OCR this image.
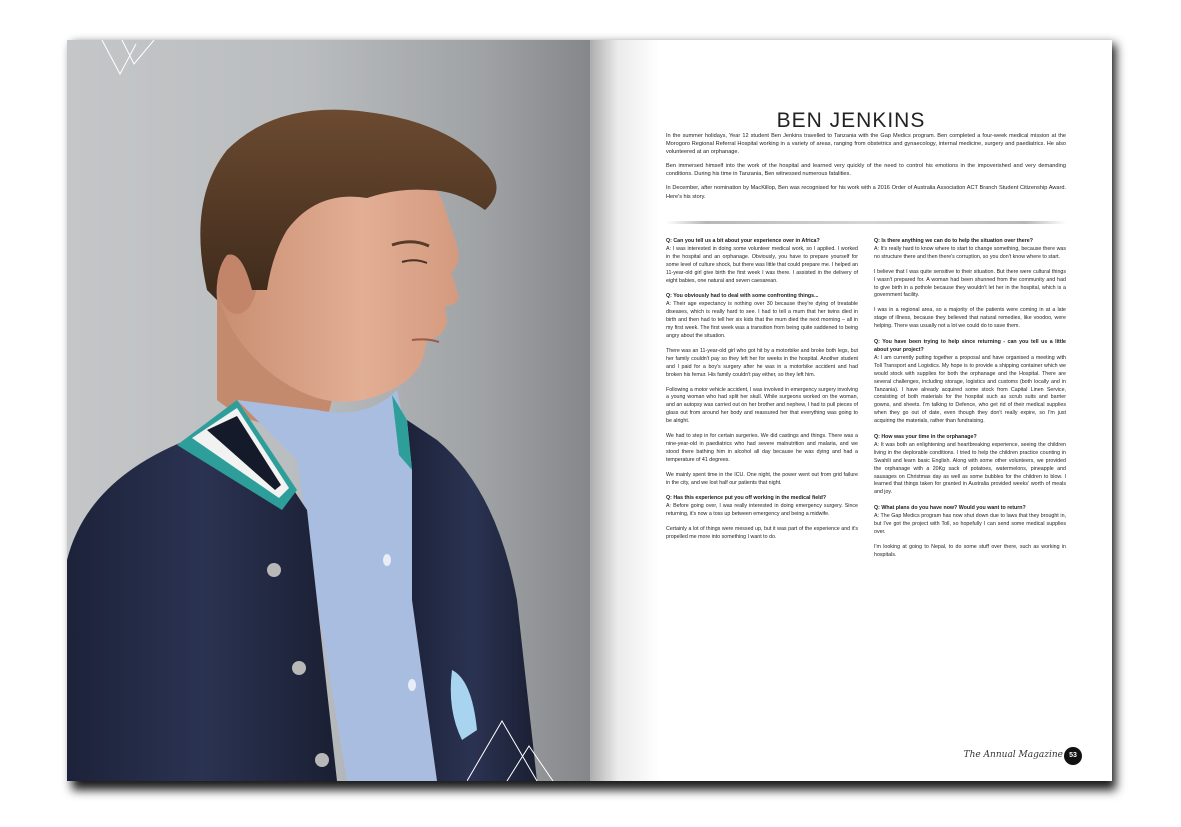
BEN JENKINS

In the summer holidays, Year 12 student Ben Jenkins travelled to Tanzania with the Gap Medics program. Ben completed a four-week medical mission at the Morogoro Regional Referral Hospital working in a variety of areas, ranging from obstetrics and gynaecology, internal medicine, surgery and paediatrics. He also volunteered at an orphanage.

Ben immersed himself into the work of the hospital and learned very quickly of the need to control his emotions in the impoverished and very demanding conditions. During his time in Tanzania, Ben witnessed numerous fatalities.

In December, after nomination by MacKillop, Ben was recognised for his work with a 2016 Order of Australia Association ACT Branch Student Citizenship Award. Here's his story.

Q: Can you tell us a bit about your experience over in Africa?
A: I was interested in doing some volunteer medical work, so I applied. I worked in the hospital and an orphanage. Obviously, you have to prepare yourself for some level of culture shock, but there was little that could prepare me. I helped an 11-year-old girl give birth the first week I was there. I assisted in the delivery of eight babies, one natural and seven caesarean.

Q: You obviously had to deal with some confronting things...
A: Their age expectancy is nothing over 30 because they're dying of treatable diseases, which is really hard to see. I had to tell a mum that her twins died in birth and then had to tell her six kids that the mum died the next morning – all in my first week. The first week was a transition from being quite saddened to being angry about the situation.

There was an 11-year-old girl who got hit by a motorbike and broke both legs, but her family couldn't pay so they left her for weeks in the hospital. Another student and I paid for a boy's surgery after he was in a motorbike accident and had broken his femur. His family couldn't pay either, so they left him.

Following a motor vehicle accident, I was involved in emergency surgery involving a young woman who had split her skull. While surgeons worked on the woman, and an autopsy was carried out on her brother and nephew, I had to pull pieces of glass out from around her body and reassured her that everything was going to be alright.

We had to step in for certain surgeries. We did castings and things. There was a nine-year-old in paediatrics who had severe malnutrition and malaria, and we stood there bathing him in alcohol all day because he was dying and had a temperature of 41 degrees.

We mainly spent time in the ICU. One night, the power went out from grid failure in the city, and we lost half our patients that night.

Q: Has this experience put you off working in the medical field?
A: Before going over, I was really interested in doing emergency surgery. Since returning, it's now a toss up between emergency and being a midwife.

Certainly a lot of things were messed up, but it was part of the experience and it's propelled me more into something I want to do.

Q: Is there anything we can do to help the situation over there?
A: It's really hard to know where to start to change something, because there was no structure there and then there's corruption, so you don't know where to start.

I believe that I was quite sensitive to their situation. But there were cultural things I wasn't prepared for. A woman had been shunned from the community and had to give birth in a pothole because they wouldn't let her in the hospital, which is a government facility.

I was in a regional area, so a majority of the patients were coming in at a late stage of illness, because they believed that natural remedies, like voodoo, were helping. There was usually not a lot we could do to save them.

Q: You have been trying to help since returning - can you tell us a little about your project?
A: I am currently putting together a proposal and have organised a meeting with Toll Transport and Logistics. My hope is to provide a shipping container which we would stock with supplies for both the orphanage and the Hospital. There are several challenges, including storage, logistics and customs (both locally and in Tanzania). I have already acquired some stock from Capital Linen Service, consisting of both materials for the hospital such as scrub suits and barrier gowns, and sheets. I'm talking to Defence, who get rid of their medical supplies when they go out of date, even though they don't really expire, so I'm just acquiring the materials, rather than fundraising.

Q: How was your time in the orphanage?
A: It was both an enlightening and heartbreaking experience, seeing the children living in the deplorable conditions. I tried to help the children practice counting in Swahili and learn basic English. Along with some other volunteers, we provided the orphanage with a 20Kg sack of potatoes, watermelons, pineapple and sausages on Christmas day as well as some bubbles for the children to blow. I learned that things taken for granted in Australia provided weeks' worth of meals and joy.

Q: What plans do you have now? Would you want to return?
A: The Gap Medics program has now shut down due to laws that they brought in, but I've got the project with Toll, so hopefully I can send some medical supplies over.

I'm looking at going to Nepal, to do some stuff over there, such as working in hospitals.

The Annual Magazine 53
